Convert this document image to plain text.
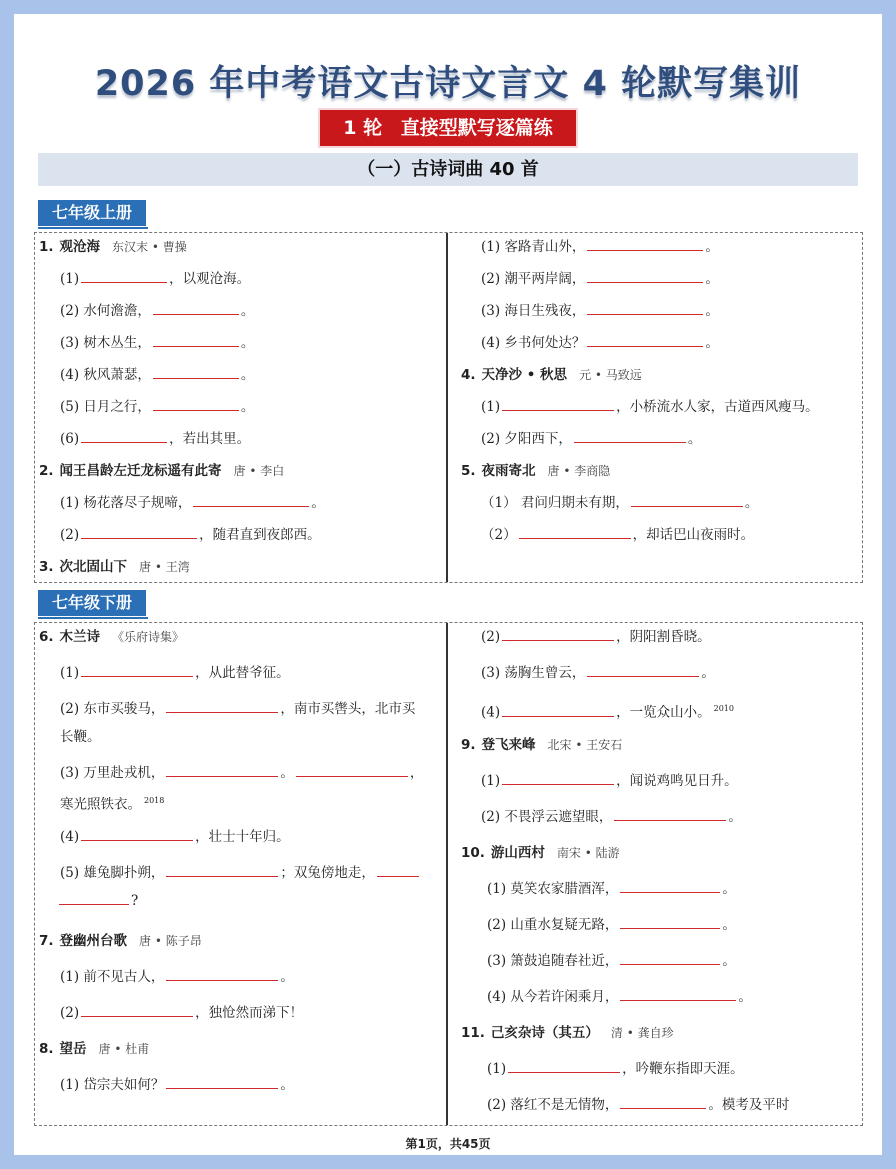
2026 年中考语文古诗文言文 4 轮默写集训
1 轮 直接型默写逐篇练
（一）古诗词曲 40 首
七年级上册
1. 观沧海 东汉末 • 曹操
(1)	，以观沧海。
(2) 水何澹澹，	。
(3) 树木丛生，	。
(4) 秋风萧瑟，	。
(5) 日月之行，	。
(6)	，若出其里。
2. 闻王昌龄左迁龙标遥有此寄 唐 • 李白
(1) 杨花落尽子规啼，	。
(2)	，随君直到夜郎西。
3. 次北固山下 唐 • 王湾
(1) 客路青山外，	。
(2) 潮平两岸阔，	。
(3) 海日生残夜，	。
(4) 乡书何处达？	。
4. 天净沙 • 秋思 元 • 马致远
(1)	，小桥流水人家，古道西风瘦马。
(2) 夕阳西下，	。
5. 夜雨寄北 唐 • 李商隐
（1） 君问归期未有期，	。
（2）	，却话巴山夜雨时。
七年级下册
6. 木兰诗 《乐府诗集》
(1)	，从此替爷征。
(2) 东市买骏马，	，南市买辔头，北市买
长鞭。
(3) 万里赴戎机，	。	，
寒光照铁衣。 $^{2018}$
(4)	，壮士十年归。
(5) 雄兔脚扑朔，	；双兔傍地走，
?
7. 登幽州台歌 唐 • 陈子昂
(1) 前不见古人，	。
(2)	，独怆然而涕下！
8. 望岳 唐 • 杜甫
(1) 岱宗夫如何？	。
(2)	，阴阳割昏晓。
(3) 荡胸生曾云，	。
(4)	，一览众山小。 $^{2010}$
9. 登飞来峰 北宋 • 王安石
(1)	，闻说鸡鸣见日升。
(2) 不畏浮云遮望眼，	。
10. 游山西村 南宋 • 陆游
(1) 莫笑农家腊酒浑，	。
(2) 山重水复疑无路，	。
(3) 箫鼓追随春社近，	。
(4) 从今若许闲乘月，	。
11. 己亥杂诗（其五） 清 • 龚自珍
(1)	，吟鞭东指即天涯。
(2) 落红不是无情物，	。模考及平时
第1页，共45页
